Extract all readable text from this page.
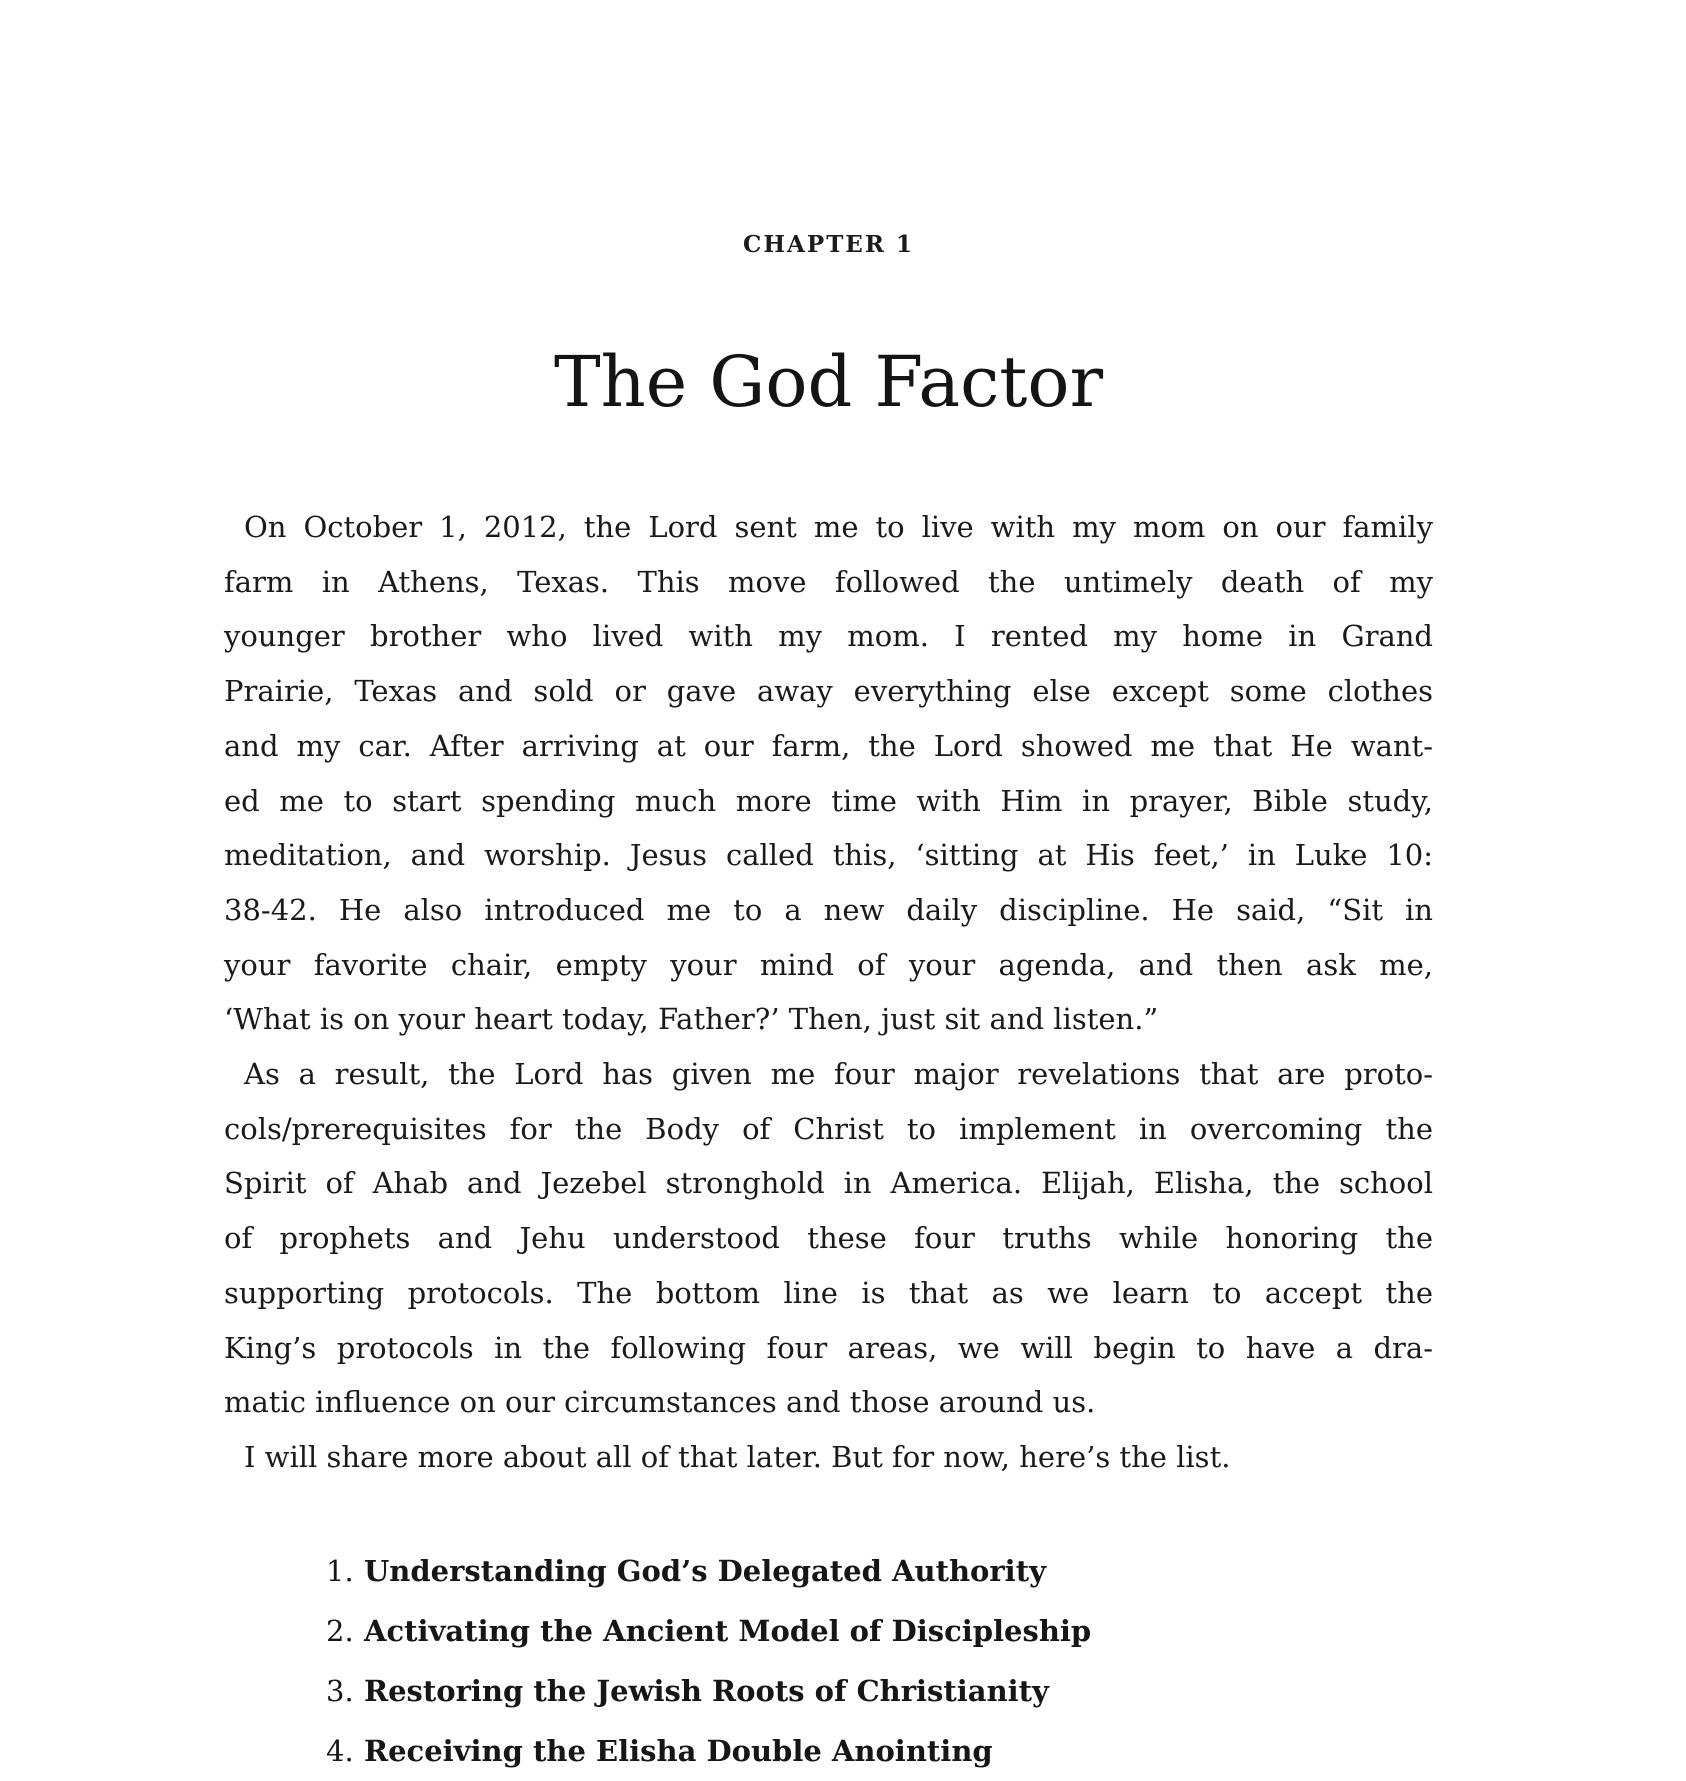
CHAPTER 1
The God Factor
On October 1, 2012, the Lord sent me to live with my mom on our family
farm in Athens, Texas. This move followed the untimely death of my
younger brother who lived with my mom. I rented my home in Grand
Prairie, Texas and sold or gave away everything else except some clothes
and my car. After arriving at our farm, the Lord showed me that He want-
ed me to start spending much more time with Him in prayer, Bible study,
meditation, and worship. Jesus called this, ‘sitting at His feet,’ in Luke 10:
38-42. He also introduced me to a new daily discipline. He said, “Sit in
your favorite chair, empty your mind of your agenda, and then ask me,
‘What is on your heart today, Father?’ Then, just sit and listen.”
As a result, the Lord has given me four major revelations that are proto-
cols/prerequisites for the Body of Christ to implement in overcoming the
Spirit of Ahab and Jezebel stronghold in America. Elijah, Elisha, the school
of prophets and Jehu understood these four truths while honoring the
supporting protocols. The bottom line is that as we learn to accept the
King’s protocols in the following four areas, we will begin to have a dra-
matic influence on our circumstances and those around us.
I will share more about all of that later. But for now, here’s the list.
1. Understanding God’s Delegated Authority
2. Activating the Ancient Model of Discipleship
3. Restoring the Jewish Roots of Christianity
4. Receiving the Elisha Double Anointing
